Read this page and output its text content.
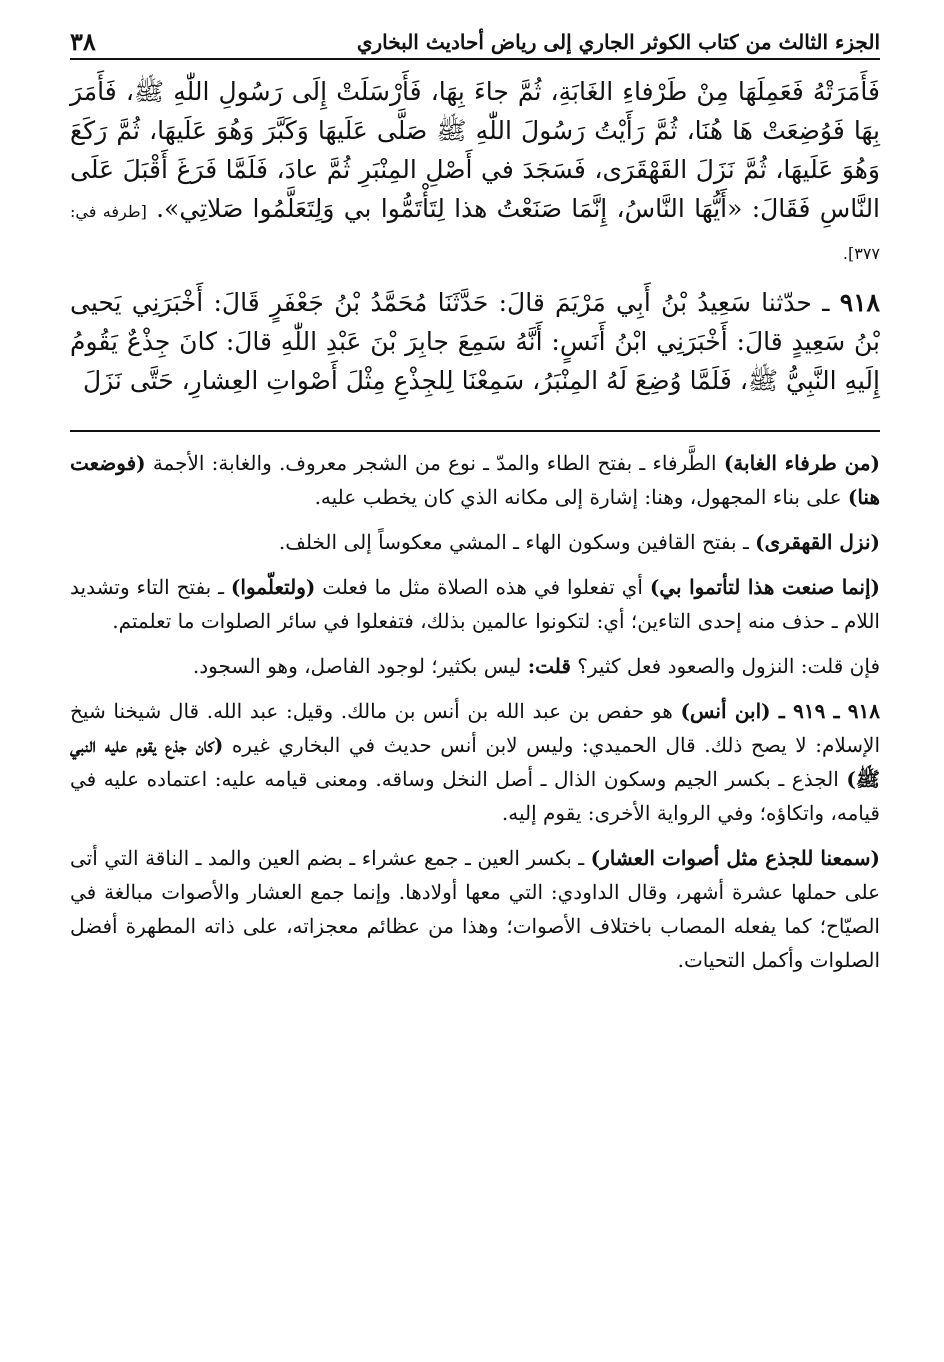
الجزء الثالث من كتاب الكوثر الجاري إلى رياض أحاديث البخاري
٣٨

فَأَمَرَتْهُ فَعَمِلَهَا مِنْ طَرْفاءِ الغَابَةِ، ثُمَّ جاءَ بِهَا، فَأَرْسَلَتْ إِلَى رَسُولِ اللّٰهِ ﷺ، فَأَمَرَ بِهَا فَوُضِعَتْ هَا هُنَا، ثُمَّ رَأَيْتُ رَسُولَ اللّٰهِ ﷺ صَلَّى عَلَيهَا وَكَبَّرَ وَهُوَ عَلَيهَا، ثُمَّ رَكَعَ وَهُوَ عَلَيهَا، ثُمَّ نَزَلَ القَهْقَرَى، فَسَجَدَ في أَصْلِ المِنْبَرِ ثُمَّ عادَ، فَلَمَّا فَرَغَ أَقْبَلَ عَلَى النَّاسِ فَقَالَ: «أَيُّهَا النَّاسُ، إِنَّمَا صَنَعْتُ هذا لِتَأْتَمُّوا بي وَلِتَعَلَّمُوا صَلاتِي». [طرفه في: ٣٧٧].

٩١٨ ـ حدّثنا سَعِيدُ بْنُ أَبِي مَرْيَمَ قالَ: حَدَّثَنَا مُحَمَّدُ بْنُ جَعْفَرٍ قَالَ: أَخْبَرَنِي يَحيى بْنُ سَعِيدٍ قالَ: أَخْبَرَنِي ابْنُ أَنَسٍ: أَنَّهُ سَمِعَ جابِرَ بْنَ عَبْدِ اللّٰهِ قالَ: كانَ جِذْعٌ يَقُومُ إِلَيهِ النَّبِيُّ ﷺ، فَلَمَّا وُضِعَ لَهُ المِنْبَرُ، سَمِعْنَا لِلجِذْعِ مِثْلَ أَصْواتِ العِشارِ، حَتَّى نَزَلَ

(من طرفاء الغابة) الطَّرفاء ـ بفتح الطاء والمدّ ـ نوع من الشجر معروف. والغابة: الأجمة (فوضعت هنا) على بناء المجهول، وهنا: إشارة إلى مكانه الذي كان يخطب عليه.

(نزل القهقرى) ـ بفتح القافين وسكون الهاء ـ المشي معكوساً إلى الخلف.

(إنما صنعت هذا لتأتموا بي) أي تفعلوا في هذه الصلاة مثل ما فعلت (ولتعلّموا) ـ بفتح التاء وتشديد اللام ـ حذف منه إحدى التاءين؛ أي: لتكونوا عالمين بذلك، فتفعلوا في سائر الصلوات ما تعلمتم.

فإن قلت: النزول والصعود فعل كثير؟ قلت: ليس بكثير؛ لوجود الفاصل، وهو السجود.

٩١٨ ـ ٩١٩ ـ (ابن أنس) هو حفص بن عبد الله بن أنس بن مالك. وقيل: عبد الله. قال شيخنا شيخ الإسلام: لا يصح ذلك. قال الحميدي: وليس لابن أنس حديث في البخاري غيره (كان جذع يقوم عليه النبي ﷺ) الجذع ـ بكسر الجيم وسكون الذال ـ أصل النخل وساقه. ومعنى قيامه عليه: اعتماده عليه في قيامه، واتكاؤه؛ وفي الرواية الأخرى: يقوم إليه.

(سمعنا للجذع مثل أصوات العشار) ـ بكسر العين ـ جمع عشراء ـ بضم العين والمد ـ الناقة التي أتى على حملها عشرة أشهر، وقال الداودي: التي معها أولادها. وإنما جمع العشار والأصوات مبالغة في الصيّاح؛ كما يفعله المصاب باختلاف الأصوات؛ وهذا من عظائم معجزاته، على ذاته المطهرة أفضل الصلوات وأكمل التحيات.
